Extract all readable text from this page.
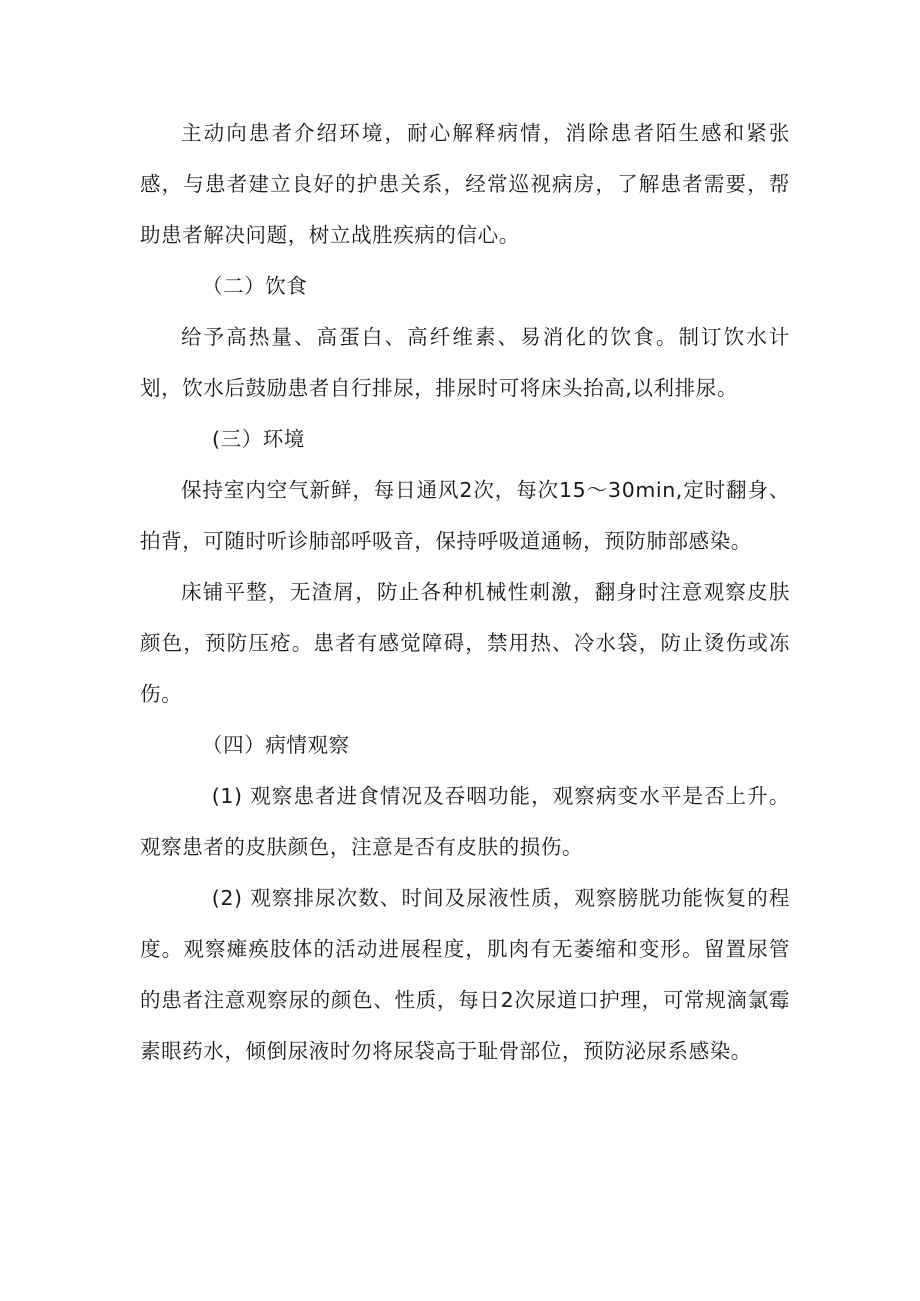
主动向患者介绍环境，耐心解释病情，消除患者陌生感和紧张感，与患者建立良好的护患关系，经常巡视病房，了解患者需要，帮助患者解决问题，树立战胜疾病的信心。

（二）饮食

给予高热量、高蛋白、高纤维素、易消化的饮食。制订饮水计划，饮水后鼓励患者自行排尿，排尿时可将床头抬高,以利排尿。

(三）环境

保持室内空气新鲜，每日通风2次，每次15〜30min,定时翻身、拍背，可随时听诊肺部呼吸音，保持呼吸道通畅，预防肺部感染。

床铺平整，无渣屑，防止各种机械性刺激，翻身时注意观察皮肤颜色，预防压疮。患者有感觉障碍，禁用热、冷水袋，防止烫伤或冻伤。

（四）病情观察

(1) 观察患者进食情况及吞咽功能，观察病变水平是否上升。观察患者的皮肤颜色，注意是否有皮肤的损伤。

(2) 观察排尿次数、时间及尿液性质，观察膀胱功能恢复的程度。观察瘫痪肢体的活动进展程度，肌肉有无萎缩和变形。留置尿管的患者注意观察尿的颜色、性质，每日2次尿道口护理，可常规滴氯霉素眼药水，倾倒尿液时勿将尿袋高于耻骨部位，预防泌尿系感染。
